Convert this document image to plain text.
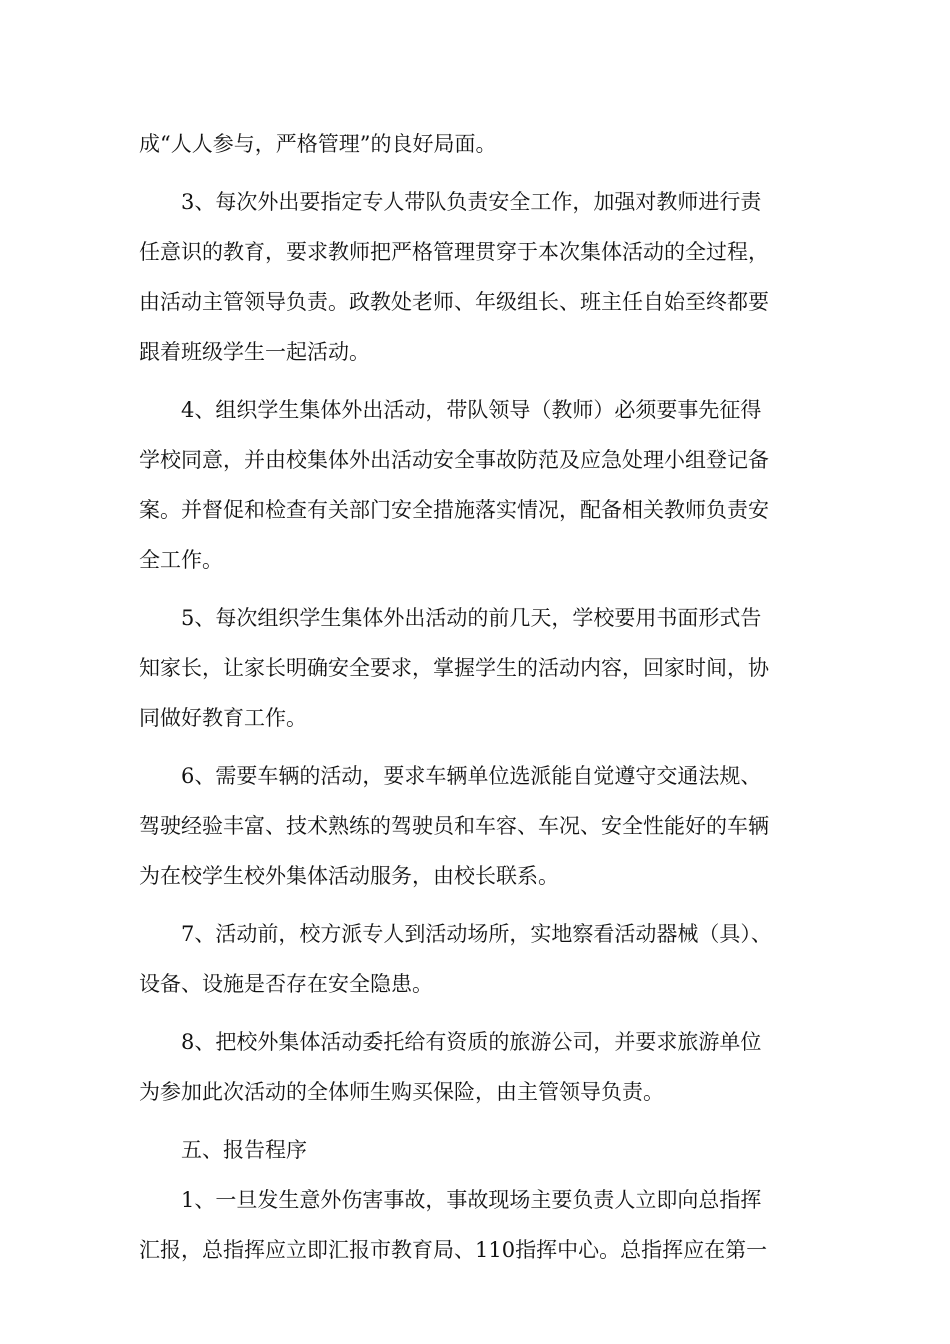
成“人人参与，严格管理”的良好局面。
3、每次外出要指定专人带队负责安全工作，加强对教师进行责
任意识的教育，要求教师把严格管理贯穿于本次集体活动的全过程，
由活动主管领导负责。政教处老师、年级组长、班主任自始至终都要
跟着班级学生一起活动。
4、组织学生集体外出活动，带队领导（教师）必须要事先征得
学校同意，并由校集体外出活动安全事故防范及应急处理小组登记备
案。并督促和检查有关部门安全措施落实情况，配备相关教师负责安
全工作。
5、每次组织学生集体外出活动的前几天，学校要用书面形式告
知家长，让家长明确安全要求，掌握学生的活动内容，回家时间，协
同做好教育工作。
6、需要车辆的活动，要求车辆单位选派能自觉遵守交通法规、
驾驶经验丰富、技术熟练的驾驶员和车容、车况、安全性能好的车辆
为在校学生校外集体活动服务，由校长联系。
7、活动前，校方派专人到活动场所，实地察看活动器械（具）、
设备、设施是否存在安全隐患。
8、把校外集体活动委托给有资质的旅游公司，并要求旅游单位
为参加此次活动的全体师生购买保险，由主管领导负责。
五、报告程序
1、一旦发生意外伤害事故，事故现场主要负责人立即向总指挥
汇报，总指挥应立即汇报市教育局、110指挥中心。总指挥应在第一
